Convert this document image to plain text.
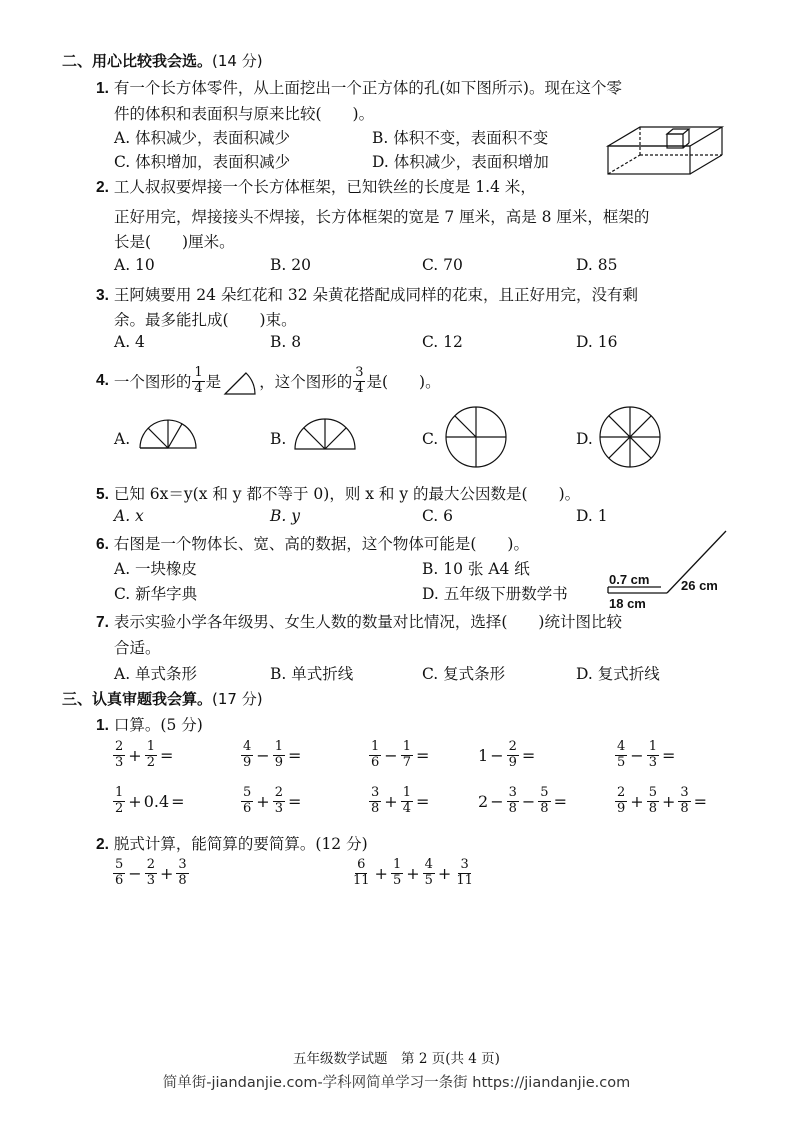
二、用心比较我会选。(14 分)
1. 有一个长方体零件，从上面挖出一个正方体的孔(如下图所示)。现在这个零
件的体积和表面积与原来比较(　　)。
A. 体积减少，表面积减少	B. 体积不变，表面积不变
C. 体积增加，表面积减少	D. 体积减少，表面积增加
2. 工人叔叔要焊接一个长方体框架，已知铁丝的长度是 1.4 米，
正好用完，焊接接头不焊接，长方体框架的宽是 7 厘米，高是 8 厘米，框架的
长是(　　)厘米。
A. 10	B. 20	C. 70	D. 85
3. 王阿姨要用 24 朵红花和 32 朵黄花搭配成同样的花束，且正好用完，没有剩
余。最多能扎成(　　)束。
A. 4	B. 8	C. 12	D. 16
4.
一个图形的 $\frac{1}{4}$ 是 ，这个图形的 $\frac{3}{4}$ 是(　　)。
A.	B.	C.	D.
5. 已知 6x＝y(x 和 y 都不等于 0)，则 x 和 y 的最大公因数是(　　)。
A. x	B. y	C. 6	D. 1
6. 右图是一个物体长、宽、高的数据，这个物体可能是(　　)。
A. 一块橡皮	B. 10 张 A4 纸
C. 新华字典	D. 五年级下册数学书
0.7 cm 26 cm
18 cm
7. 表示实验小学各年级男、女生人数的数量对比情况，选择(　　)统计图比较
合适。
A. 单式条形	B. 单式折线	C. 复式条形	D. 复式折线
三、认真审题我会算。(17 分)
1. 口算。(5 分)
$\frac{2}{3} + \frac{1}{2}$ =	$\frac{4}{9} - \frac{1}{9}$ =	$\frac{1}{6} - \frac{1}{7}$ =	$1 - \frac{2}{9}$ =	$\frac{4}{5} - \frac{1}{3}$ =
$\frac{1}{2} + 0.4$ =	$\frac{5}{6} + \frac{2}{3}$ =	$\frac{3}{8} + \frac{1}{4}$ =	$2 - \frac{3}{8} - \frac{5}{8}$ =	$\frac{2}{9} + \frac{5}{8} + \frac{3}{8}$ =
2. 脱式计算，能简算的要简算。(12 分)
$\frac{5}{6} - \frac{2}{3} + \frac{3}{8}$	$\frac{6}{11} + \frac{1}{5} + \frac{4}{5} + \frac{3}{11}$
五年级数学试题　第 2 页(共 4 页)
简单街-jiandanjie.com-学科网简单学习一条街 https://jiandanjie.com
